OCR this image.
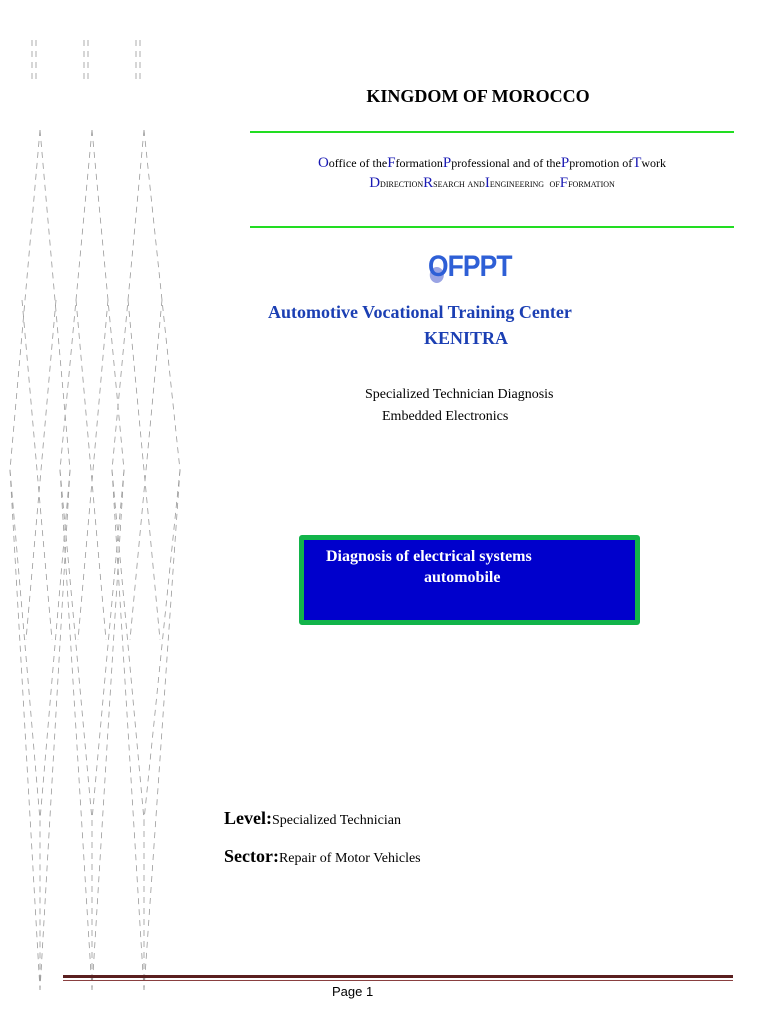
KINGDOM OF MOROCCO
Ooffice of theFformationPprofessional and of thePpromotion ofTwork
DdirectionRsearch andIengineering  ofFformation
OFPPT
Automotive Vocational Training Center
KENITRA
Specialized Technician Diagnosis
Embedded Electronics
Diagnosis of electrical systems
automobile
Level:Specialized Technician
Sector:Repair of Motor Vehicles
Page 1
